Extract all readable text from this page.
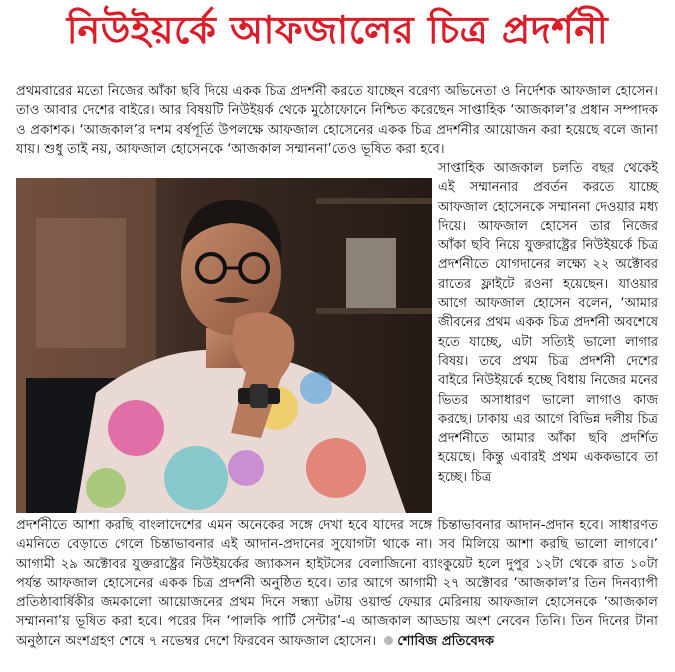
নিউইয়র্কে আফজালের চিত্র প্রদর্শনী

প্রথমবারের মতো নিজের আঁকা ছবি দিয়ে একক চিত্র প্রদর্শনী করতে যাচ্ছেন বরেণ্য অভিনেতা ও নির্দেশক আফজাল হোসেন। তাও আবার দেশের বাইরে। আর বিষয়টি নিউইয়র্ক থেকে মুঠোফোনে নিশ্চিত করেছেন সাপ্তাহিক ‘আজকাল’র প্রধান সম্পাদক ও প্রকাশক। ‘আজকাল’র দশম বর্ষপূর্তি উপলক্ষে আফজাল হোসেনের একক চিত্র প্রদর্শনীর আয়োজন করা হয়েছে বলে জানা যায়। শুধু তাই নয়, আফজাল হোসেনকে ‘আজকাল সম্মাননা’তেও ভূষিত করা হবে।

সাপ্তাহিক আজকাল চলতি বছর থেকেই এই সম্মাননার প্রবর্তন করতে যাচ্ছে আফজাল হোসেনকে সম্মাননা দেওয়ার মধ্য দিয়ে। আফজাল হোসেন তার নিজের আঁকা ছবি নিয়ে যুক্তরাষ্ট্রের নিউইয়র্কে চিত্র প্রদর্শনীতে যোগদানের লক্ষ্যে ২২ অক্টোবর রাতের ফ্লাইটে রওনা হয়েছেন। যাওয়ার আগে আফজাল হোসেন বলেন, ‘আমার জীবনের প্রথম একক চিত্র প্রদর্শনী অবশেষে হতে যাচ্ছে, এটা সত্যিই ভালো লাগার বিষয়। তবে প্রথম চিত্র প্রদর্শনী দেশের বাইরে নিউইয়র্কে হচ্ছে বিধায় নিজের মনের ভিতর অসাধারণ ভালো লাগাও কাজ করছে। ঢাকায় এর আগে বিভিন্ন দলীয় চিত্র প্রদর্শনীতে আমার আঁকা ছবি প্রদর্শিত হয়েছে। কিন্তু এবারই প্রথম এককভাবে তা হচ্ছে। চিত্র

প্রদর্শনীতে আশা করছি বাংলাদেশের এমন অনেকের সঙ্গে দেখা হবে যাদের সঙ্গে চিন্তাভাবনার আদান-প্রদান হবে। সাধারণত এমনিতে বেড়াতে গেলে চিন্তাভাবনার এই আদান-প্রদানের সুযোগটা থাকে না। সব মিলিয়ে আশা করছি ভালো লাগবে।’ আগামী ২৯ অক্টোবর যুক্তরাষ্ট্রের নিউইয়র্কের জ্যাকসন হাইটসের বেলাজিনো ব্যাংকুয়েট হলে দুপুর ১২টা থেকে রাত ১০টা পর্যন্ত আফজাল হোসেনের একক চিত্র প্রদর্শনী অনুষ্ঠিত হবে। তার আগে আগামী ২৭ অক্টোবর ‘আজকাল’র তিন দিনব্যাপী প্রতিষ্ঠাবার্ষিকীর জমকালো আয়োজনের প্রথম দিনে সন্ধ্যা ৬টায় ওয়ার্ল্ড ফেয়ার মেরিনায় আফজাল হোসেনকে ‘আজকাল সম্মাননা’য় ভূষিত করা হবে। পরের দিন ‘পালকি পার্টি সেন্টার’-এ আজকাল আড্ডায় অংশ নেবেন তিনি। তিন দিনের টানা অনুষ্ঠানে অংশগ্রহণ শেষে ৭ নভেম্বর দেশে ফিরবেন আফজাল হোসেন। শোবিজ প্রতিবেদক
